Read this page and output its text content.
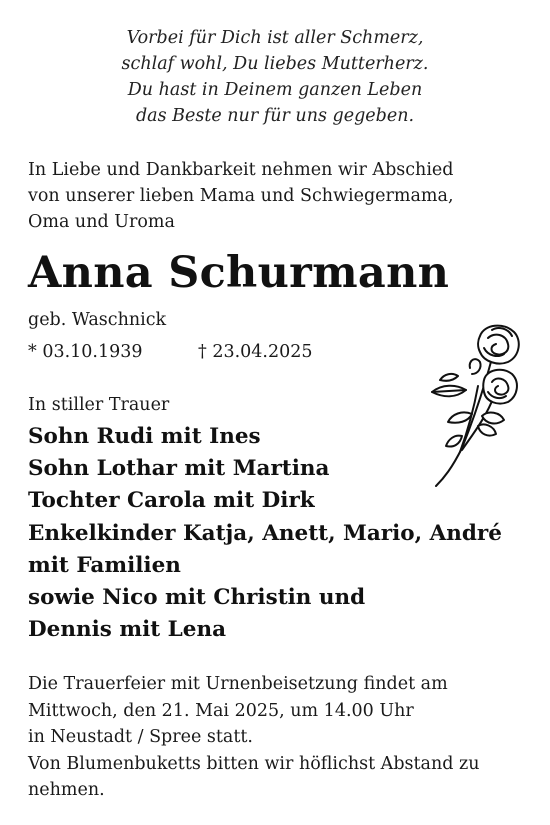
Vorbei für Dich ist aller Schmerz,
schlaf wohl, Du liebes Mutterherz.
Du hast in Deinem ganzen Leben
das Beste nur für uns gegeben.
In Liebe und Dankbarkeit nehmen wir Abschied
von unserer lieben Mama und Schwiegermama,
Oma und Uroma
Anna Schurmann
geb. Waschnick
* 03.10.1939	† 23.04.2025
In stiller Trauer
Sohn Rudi mit Ines
Sohn Lothar mit Martina
Tochter Carola mit Dirk
Enkelkinder Katja, Anett, Mario, André
mit Familien
sowie Nico mit Christin und
Dennis mit Lena
Die Trauerfeier mit Urnenbeisetzung findet am
Mittwoch, den 21. Mai 2025, um 14.00 Uhr
in Neustadt / Spree statt.
Von Blumenbuketts bitten wir höflichst Abstand zu
nehmen.
